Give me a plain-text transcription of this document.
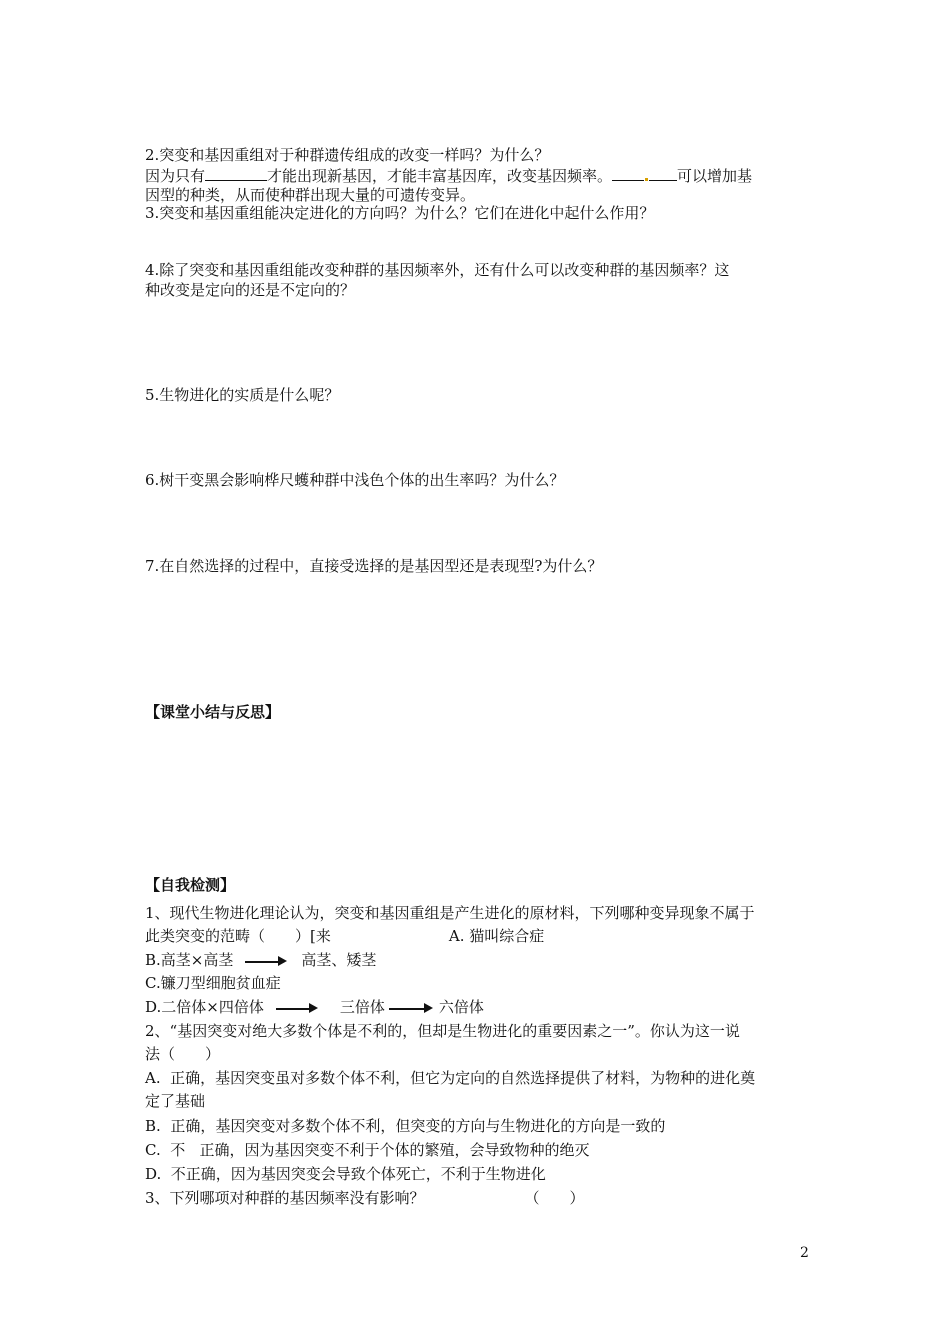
2.突变和基因重组对于种群遗传组成的改变一样吗？为什么？
因为只有	才能出现新基因，才能丰富基因库，改变基因频率。	可以增加基
因型的种类，从而使种群出现大量的可遗传变异。
3.突变和基因重组能决定进化的方向吗？为什么？它们在进化中起什么作用？
4.除了突变和基因重组能改变种群的基因频率外，还有什么可以改变种群的基因频率？这
种改变是定向的还是不定向的？
5.生物进化的实质是什么呢？
6.树干变黑会影响桦尺蠖种群中浅色个体的出生率吗？为什么？
7.在自然选择的过程中，直接受选择的是基因型还是表现型?为什么？
【课堂小结与反思】
【自我检测】
1、现代生物进化理论认为，突变和基因重组是产生进化的原材料，下列哪种变异现象不属于
此类突变的范畴（　　）[来	A. 猫叫综合症
B.高茎×高茎	高茎、矮茎
C.镰刀型细胞贫血症
D.二倍体×四倍体	三倍体	六倍体
2、“基因突变对绝大多数个体是不利的，但却是生物进化的重要因素之一”。你认为这一说
法（　　）
A.  正确，基因突变虽对多数个体不利，但它为定向的自然选择提供了材料，为物种的进化奠
定了基础
B.  正确，基因突变对多数个体不利，但突变的方向与生物进化的方向是一致的
C.  不   正确，因为基因突变不利于个体的繁殖，会导致物种的绝灭
D.  不正确，因为基因突变会导致个体死亡，不利于生物进化
3、下列哪项对种群的基因频率没有影响？	（　　）
2
